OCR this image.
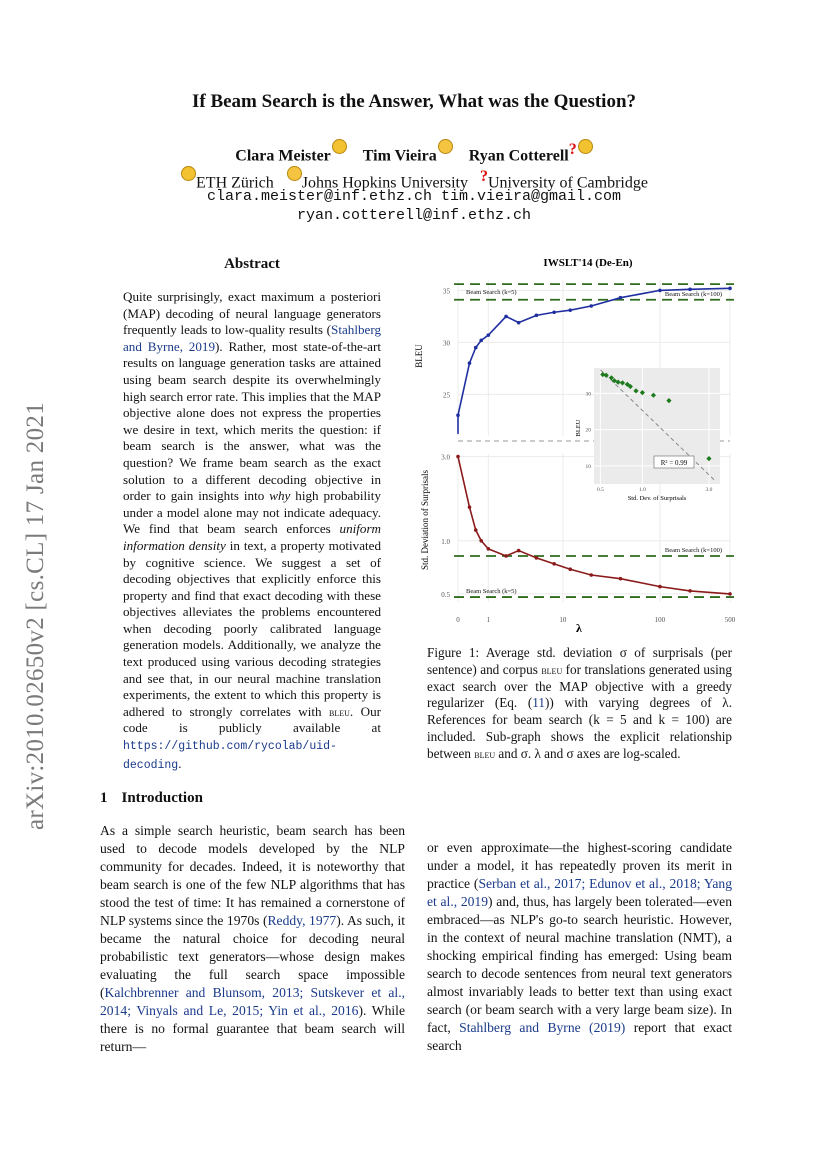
arXiv:2010.02650v2 [cs.CL] 17 Jan 2021
If Beam Search is the Answer, What was the Question?
Clara Meister Tim Vieira Ryan Cotterell?
ETH Zürich Johns Hopkins University ?University of Cambridge
clara.meister@inf.ethz.ch tim.vieira@gmail.com
ryan.cotterell@inf.ethz.ch
Abstract
Quite surprisingly, exact maximum a posteriori (MAP) decoding of neural language generators frequently leads to low-quality results (Stahlberg and Byrne, 2019). Rather, most state-of-the-art results on language generation tasks are attained using beam search despite its overwhelmingly high search error rate. This implies that the MAP objective alone does not express the properties we desire in text, which merits the question: if beam search is the answer, what was the question? We frame beam search as the exact solution to a different decoding objective in order to gain insights into why high probability under a model alone may not indicate adequacy. We find that beam search enforces uniform information density in text, a property motivated by cognitive science. We suggest a set of decoding objectives that explicitly enforce this property and find that exact decoding with these objectives alleviates the problems encountered when decoding poorly calibrated language generation models. Additionally, we analyze the text produced using various decoding strategies and see that, in our neural machine translation experiments, the extent to which this property is adhered to strongly correlates with bleu. Our code is publicly available at https://github.com/rycolab/uid-decoding.
1 Introduction
As a simple search heuristic, beam search has been used to decode models developed by the NLP community for decades. Indeed, it is noteworthy that beam search is one of the few NLP algorithms that has stood the test of time: It has remained a cornerstone of NLP systems since the 1970s (Reddy, 1977). As such, it became the natural choice for decoding neural probabilistic text generators—whose design makes evaluating the full search space impossible (Kalchbrenner and Blunsom, 2013; Sutskever et al., 2014; Vinyals and Le, 2015; Yin et al., 2016). While there is no formal guarantee that beam search will return—
or even approximate—the highest-scoring candidate under a model, it has repeatedly proven its merit in practice (Serban et al., 2017; Edunov et al., 2018; Yang et al., 2019) and, thus, has largely been tolerated—even embraced—as NLP's go-to search heuristic. However, in the context of neural machine translation (NMT), a shocking empirical finding has emerged: Using beam search to decode sentences from neural text generators almost invariably leads to better text than using exact search (or beam search with a very large beam size). In fact, Stahlberg and Byrne (2019) report that exact search
IWSLT'14 (De-En)
25
30
35 Beam Search (k=5)	Beam Search (k=100)
0.5
1.0
3.0
Beam Search (k=100)
Beam Search (k=5)
0.5	1.0	3.0
10
20
30
R² = 0.99
Std. Dev. of Surprisals
BLEU
0	1	10	100	500
BLEU
Std. Deviation of Surprisals
λ
Figure 1: Average std. deviation σ of surprisals (per sentence) and corpus bleu for translations generated using exact search over the MAP objective with a greedy regularizer (Eq. (11)) with varying degrees of λ. References for beam search (k = 5 and k = 100) are included. Sub-graph shows the explicit relationship between bleu and σ. λ and σ axes are log-scaled.
